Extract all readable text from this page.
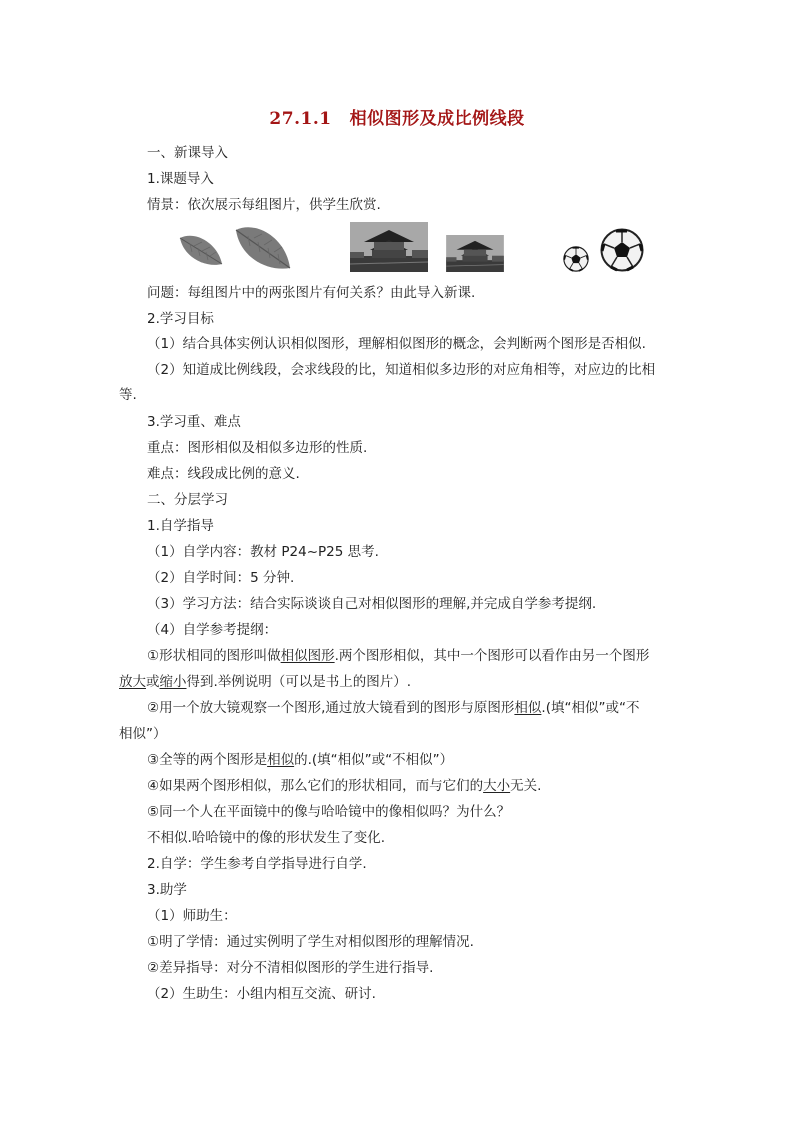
27.1.1 相似图形及成比例线段
一、新课导入
1.课题导入
情景：依次展示每组图片，供学生欣赏.
问题：每组图片中的两张图片有何关系？由此导入新课.
2.学习目标
（1）结合具体实例认识相似图形，理解相似图形的概念，会判断两个图形是否相似.
（2）知道成比例线段，会求线段的比，知道相似多边形的对应角相等，对应边的比相
等.
3.学习重、难点
重点：图形相似及相似多边形的性质.
难点：线段成比例的意义.
二、分层学习
1.自学指导
（1）自学内容：教材 P24~P25 思考.
（2）自学时间：5 分钟.
（3）学习方法：结合实际谈谈自己对相似图形的理解,并完成自学参考提纲.
（4）自学参考提纲：
①形状相同的图形叫做相似图形.两个图形相似，其中一个图形可以看作由另一个图形
放大或缩小得到.举例说明（可以是书上的图片）.
②用一个放大镜观察一个图形,通过放大镜看到的图形与原图形相似.(填“相似”或“不
相似”）
③全等的两个图形是相似的.(填“相似”或“不相似”）
④如果两个图形相似，那么它们的形状相同，而与它们的大小无关.
⑤同一个人在平面镜中的像与哈哈镜中的像相似吗？为什么？
不相似.哈哈镜中的像的形状发生了变化.
2.自学：学生参考自学指导进行自学.
3.助学
（1）师助生：
①明了学情：通过实例明了学生对相似图形的理解情况.
②差异指导：对分不清相似图形的学生进行指导.
（2）生助生：小组内相互交流、研讨.
